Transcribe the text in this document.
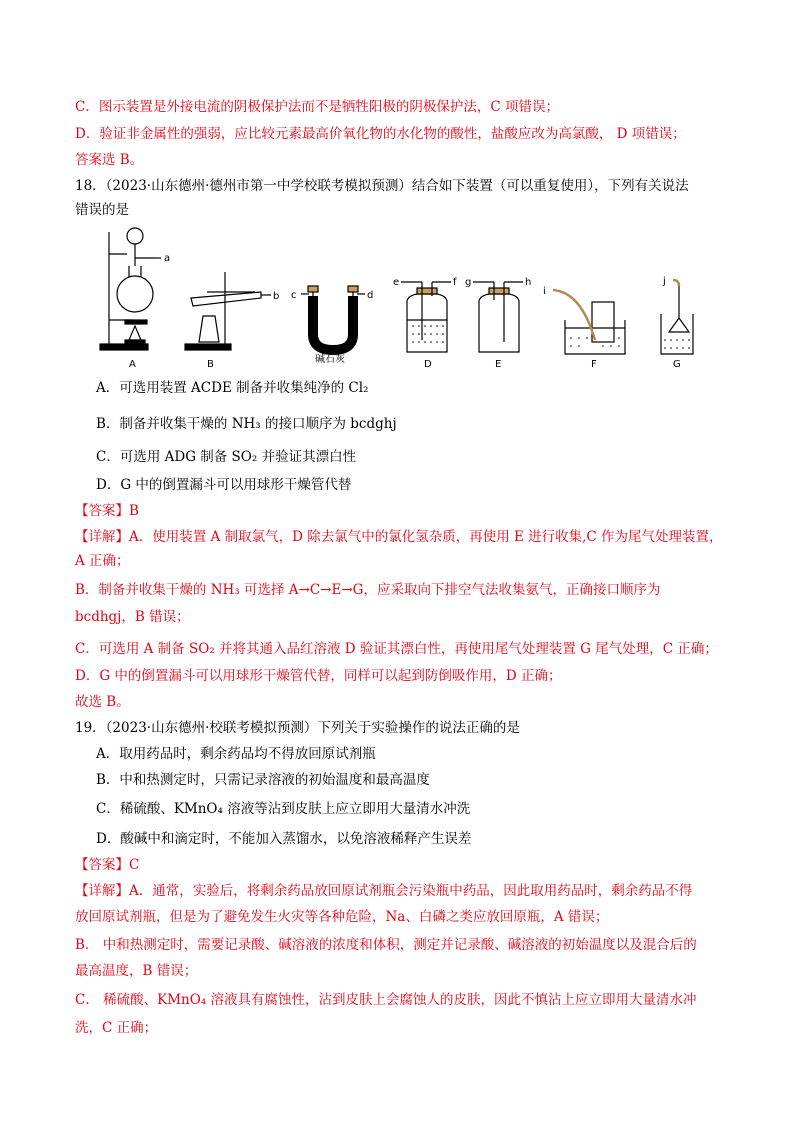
C．图示装置是外接电流的阴极保护法而不是牺牲阳极的阴极保护法，C 项错误；
D．验证非金属性的强弱，应比较元素最高价氧化物的水化物的酸性，盐酸应改为高氯酸， D 项错误；
答案选 B。
18．（2023·山东德州·德州市第一中学校联考模拟预测）结合如下装置（可以重复使用），下列有关说法
错误的是
a
A
b
B
c	d
碱石灰
e	f
D
g	h
E
i
F
j
G
A．可选用装置 ACDE 制备并收集纯净的 Cl₂
B．制备并收集干燥的 NH₃ 的接口顺序为 bcdghj
C．可选用 ADG 制备 SO₂ 并验证其漂白性
D．G 中的倒置漏斗可以用球形干燥管代替
【答案】B
【详解】A．使用装置 A 制取氯气，D 除去氯气中的氯化氢杂质，再使用 E 进行收集,C 作为尾气处理装置，
A 正确；
B．制备并收集干燥的 NH₃ 可选择 A→C→E→G，应采取向下排空气法收集氨气，正确接口顺序为
bcdhgj，B 错误；
C．可选用 A 制备 SO₂ 并将其通入品红溶液 D 验证其漂白性，再使用尾气处理装置 G 尾气处理，C 正确；
D．G 中的倒置漏斗可以用球形干燥管代替，同样可以起到防倒吸作用，D 正确；
故选 B。
19．（2023·山东德州·校联考模拟预测）下列关于实验操作的说法正确的是
A．取用药品时，剩余药品均不得放回原试剂瓶
B．中和热测定时，只需记录溶液的初始温度和最高温度
C．稀硫酸、KMnO₄ 溶液等沾到皮肤上应立即用大量清水冲洗
D．酸碱中和滴定时，不能加入蒸馏水，以免溶液稀释产生误差
【答案】C
【详解】A．通常，实验后，将剩余药品放回原试剂瓶会污染瓶中药品，因此取用药品时，剩余药品不得
放回原试剂瓶，但是为了避免发生火灾等各种危险，Na、白磷之类应放回原瓶，A 错误；
B． 中和热测定时，需要记录酸、碱溶液的浓度和体积，测定并记录酸、碱溶液的初始温度以及混合后的
最高温度，B 错误；
C． 稀硫酸、KMnO₄ 溶液具有腐蚀性，沾到皮肤上会腐蚀人的皮肤，因此不慎沾上应立即用大量清水冲
洗，C 正确；
